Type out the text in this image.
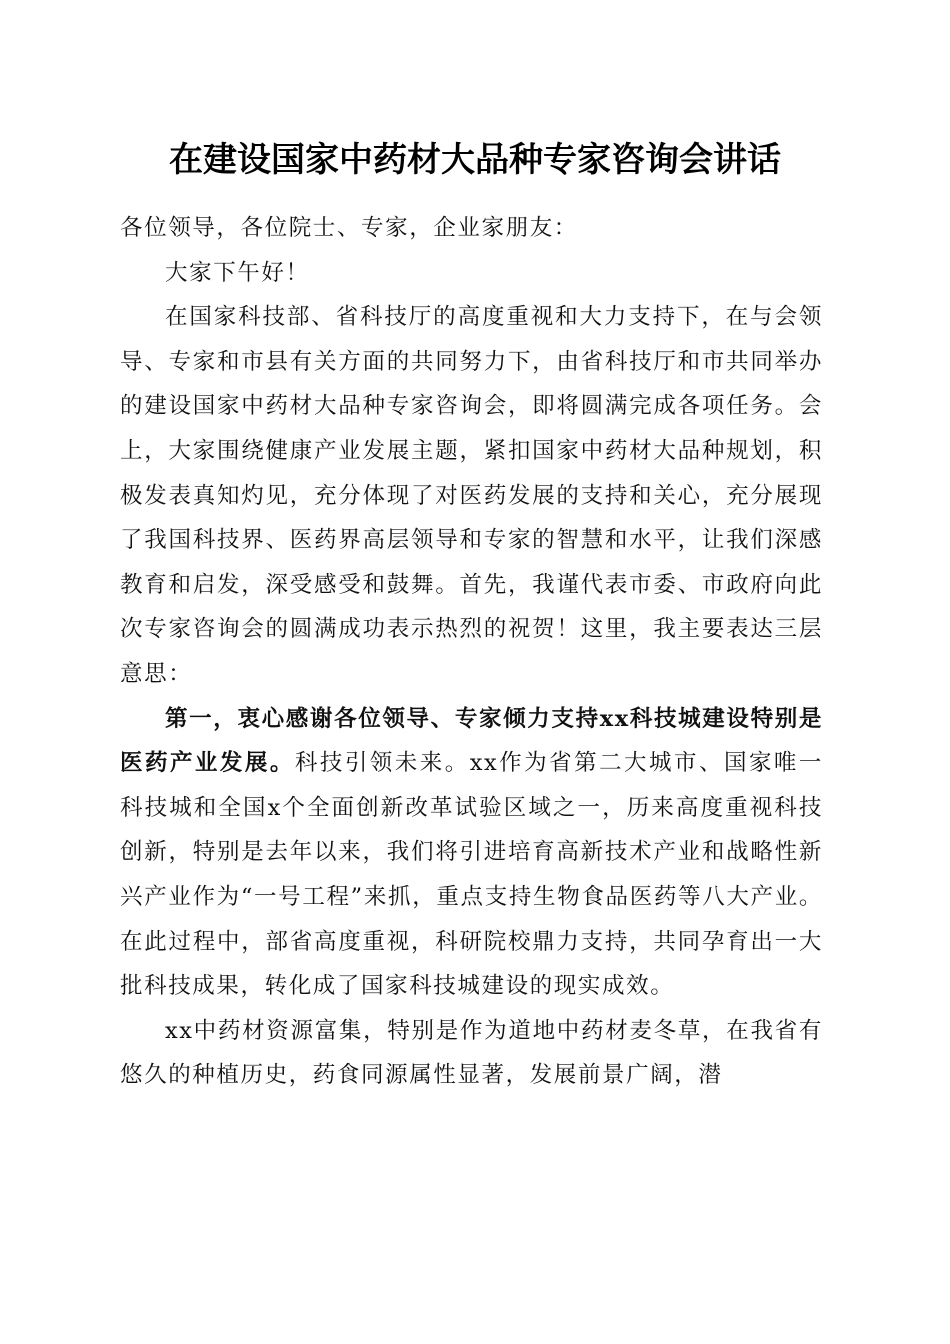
在建设国家中药材大品种专家咨询会讲话

各位领导，各位院士、专家，企业家朋友：

大家下午好！

在国家科技部、省科技厅的高度重视和大力支持下，在与会领导、专家和市县有关方面的共同努力下，由省科技厅和市共同举办的建设国家中药材大品种专家咨询会，即将圆满完成各项任务。会上，大家围绕健康产业发展主题，紧扣国家中药材大品种规划，积极发表真知灼见，充分体现了对医药发展的支持和关心，充分展现了我国科技界、医药界高层领导和专家的智慧和水平，让我们深感教育和启发，深受感受和鼓舞。首先，我谨代表市委、市政府向此次专家咨询会的圆满成功表示热烈的祝贺！这里，我主要表达三层意思：

第一，衷心感谢各位领导、专家倾力支持xx科技城建设特别是医药产业发展。科技引领未来。xx作为省第二大城市、国家唯一科技城和全国x个全面创新改革试验区域之一，历来高度重视科技创新，特别是去年以来，我们将引进培育高新技术产业和战略性新兴产业作为“一号工程”来抓，重点支持生物食品医药等八大产业。在此过程中，部省高度重视，科研院校鼎力支持，共同孕育出一大批科技成果，转化成了国家科技城建设的现实成效。

xx中药材资源富集，特别是作为道地中药材麦冬草，在我省有悠久的种植历史，药食同源属性显著，发展前景广阔，潜
